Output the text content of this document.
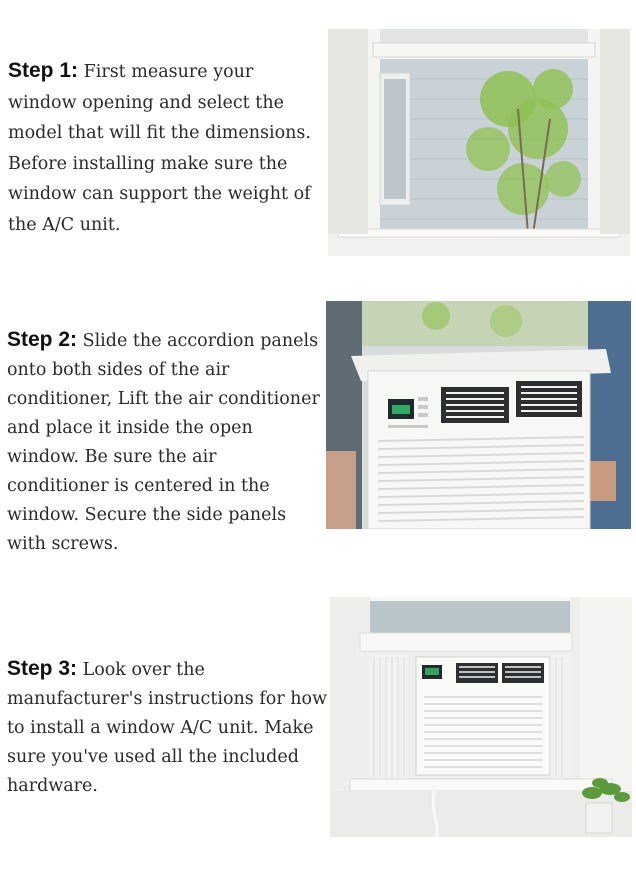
Step 1: First measure your window opening and select the model that will fit the dimensions. Before installing make sure the window can support the weight of the A/C unit.
Step 2: Slide the accordion panels onto both sides of the air conditioner, Lift the air conditioner and place it inside the open window. Be sure the air conditioner is centered in the window. Secure the side panels with screws.
Step 3: Look over the manufacturer's instructions for how to install a window A/C unit. Make sure you've used all the included hardware.
